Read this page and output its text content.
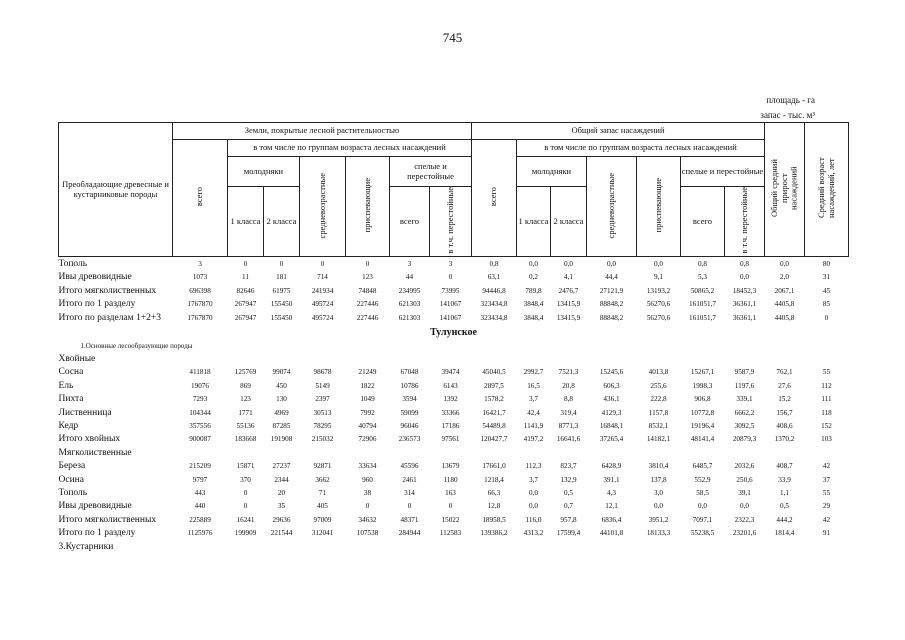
745
площадь - га
запас - тыс. м³
Преобладающие древесные и кустарниковые породы	Земли, покрытые лесной растительностью							Общий запас насаждений							Общий средний прирост насаждений	Средний возраст насаждений, лет
	всего	в том числе по группам возраста лесных насаждений						всего	в том числе по группам возраста лесных насаждений							
		молодняки		средневозрастные	приспевающие	спелые и перестойные			молодняки		средневозрастные	приспевающие	спелые и перестойные			
		1 класса	2 класса			всего	в т.ч. перестойные		1 класса	2 класса			всего	в т.ч. перестойные		
Тополь	3	0	0	0	0	3	3	0,8	0,0	0,0	0,0	0,0	0,8	0,8	0,0	80
Ивы древовидные	1073	11	181	714	123	44	0	63,1	0,2	4,1	44,4	9,1	5,3	0,0	2,0	31
Итого мягколиственных	696398	82646	61975	241934	74848	234995	73995	94446,8	789,8	2476,7	27121,9	13193,2	50865,2	18452,3	2067,1	45
Итого по 1 разделу	1767870	267947	155450	495724	227446	621303	141067	323434,8	3848,4	13415,9	88848,2	56270,6	161051,7	36361,1	4405,8	85
Итого по разделам 1+2+3	1767870	267947	155450	495724	227446	621303	141067	323434,8	3848,4	13415,9	88848,2	56270,6	161051,7	36361,1	4405,8	0
Тулунское																
1.Основные лесообразующие породы																
Хвойные																
Сосна	411818	125769	99074	98678	21249	67048	39474	45040,5	2992,7	7521,3	15245,6	4013,8	15267,1	9587,9	762,1	55
Ель	19076	869	450	5149	1822	10786	6143	2897,5	16,5	20,8	606,3	255,6	1998,3	1197,6	27,6	112
Пихта	7293	123	130	2397	1049	3594	1392	1578,2	3,7	8,8	436,1	222,8	906,8	339,1	15,2	111
Лиственница	104344	1771	4969	30513	7992	59099	33366	16421,7	42,4	319,4	4129,3	1157,8	10772,8	6662,2	156,7	118
Кедр	357556	55136	87285	78295	40794	96046	17186	54489,8	1141,9	8771,3	16848,1	8532,1	19196,4	3092,5	408,6	152
Итого хвойных	900087	183668	191908	215032	72906	236573	97561	120427,7	4197,2	16641,6	37265,4	14182,1	48141,4	20879,3	1370,2	103
Мягколиственные																
Береза	215209	15871	27237	92871	33634	45596	13679	17661,0	112,3	823,7	6428,9	3810,4	6485,7	2032,6	408,7	42
Осина	9797	370	2344	3662	960	2461	1180	1218,4	3,7	132,9	391,1	137,8	552,9	250,6	33,9	37
Тополь	443	0	20	71	38	314	163	66,3	0,0	0,5	4,3	3,0	58,5	39,1	1,1	55
Ивы древовидные	440	0	35	405	0	0	0	12,8	0,0	0,7	12,1	0,0	0,0	0,0	0,5	29
Итого мягколиственных	225889	16241	29636	97009	34632	48371	15022	18958,5	116,0	957,8	6836,4	3951,2	7097,1	2322,3	444,2	42
Итого по 1 разделу	1125976	199909	221544	312041	107538	284944	112583	139386,2	4313,2	17599,4	44101,8	18133,3	55238,5	23201,6	1814,4	91
3.Кустарники																
